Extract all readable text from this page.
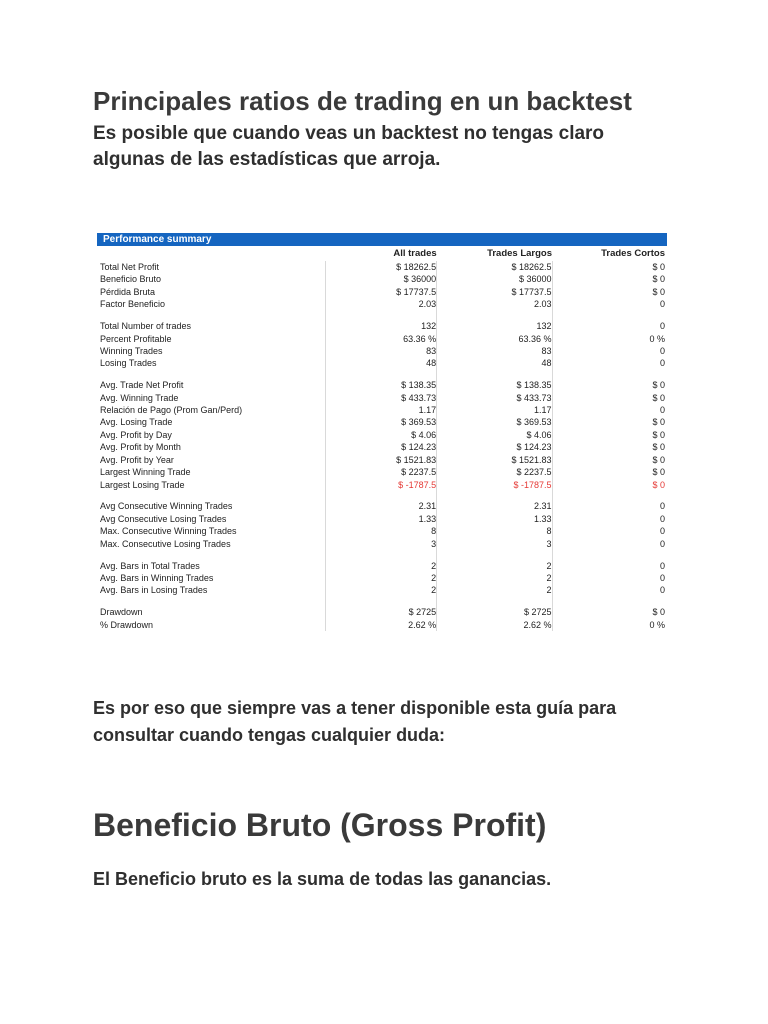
Principales ratios de trading en un backtest

Es posible que cuando veas un backtest no tengas claro algunas de las estadísticas que arroja.

Performance summary
	All trades	Trades Largos	Trades Cortos
Total Net Profit	$ 18262.5	$ 18262.5	$ 0
Beneficio Bruto	$ 36000	$ 36000	$ 0
Pérdida Bruta	$ 17737.5	$ 17737.5	$ 0
Factor Beneficio	2.03	2.03	0

Total Number of trades	132	132	0
Percent Profitable	63.36 %	63.36 %	0 %
Winning Trades	83	83	0
Losing Trades	48	48	0

Avg. Trade Net Profit	$ 138.35	$ 138.35	$ 0
Avg. Winning Trade	$ 433.73	$ 433.73	$ 0
Relación de Pago (Prom Gan/Perd)	1.17	1.17	0
Avg. Losing Trade	$ 369.53	$ 369.53	$ 0
Avg. Profit by Day	$ 4.06	$ 4.06	$ 0
Avg. Profit by Month	$ 124.23	$ 124.23	$ 0
Avg. Profit by Year	$ 1521.83	$ 1521.83	$ 0
Largest Winning Trade	$ 2237.5	$ 2237.5	$ 0
Largest Losing Trade	$ -1787.5	$ -1787.5	$ 0

Avg Consecutive Winning Trades	2.31	2.31	0
Avg Consecutive Losing Trades	1.33	1.33	0
Max. Consecutive Winning Trades	8	8	0
Max. Consecutive Losing Trades	3	3	0

Avg. Bars in Total Trades	2	2	0
Avg. Bars in Winning Trades	2	2	0
Avg. Bars in Losing Trades	2	2	0

Drawdown	$ 2725	$ 2725	$ 0
% Drawdown	2.62 %	2.62 %	0 %

Es por eso que siempre vas a tener disponible esta guía para consultar cuando tengas cualquier duda:

Beneficio Bruto (Gross Profit)

El Beneficio bruto es la suma de todas las ganancias.
